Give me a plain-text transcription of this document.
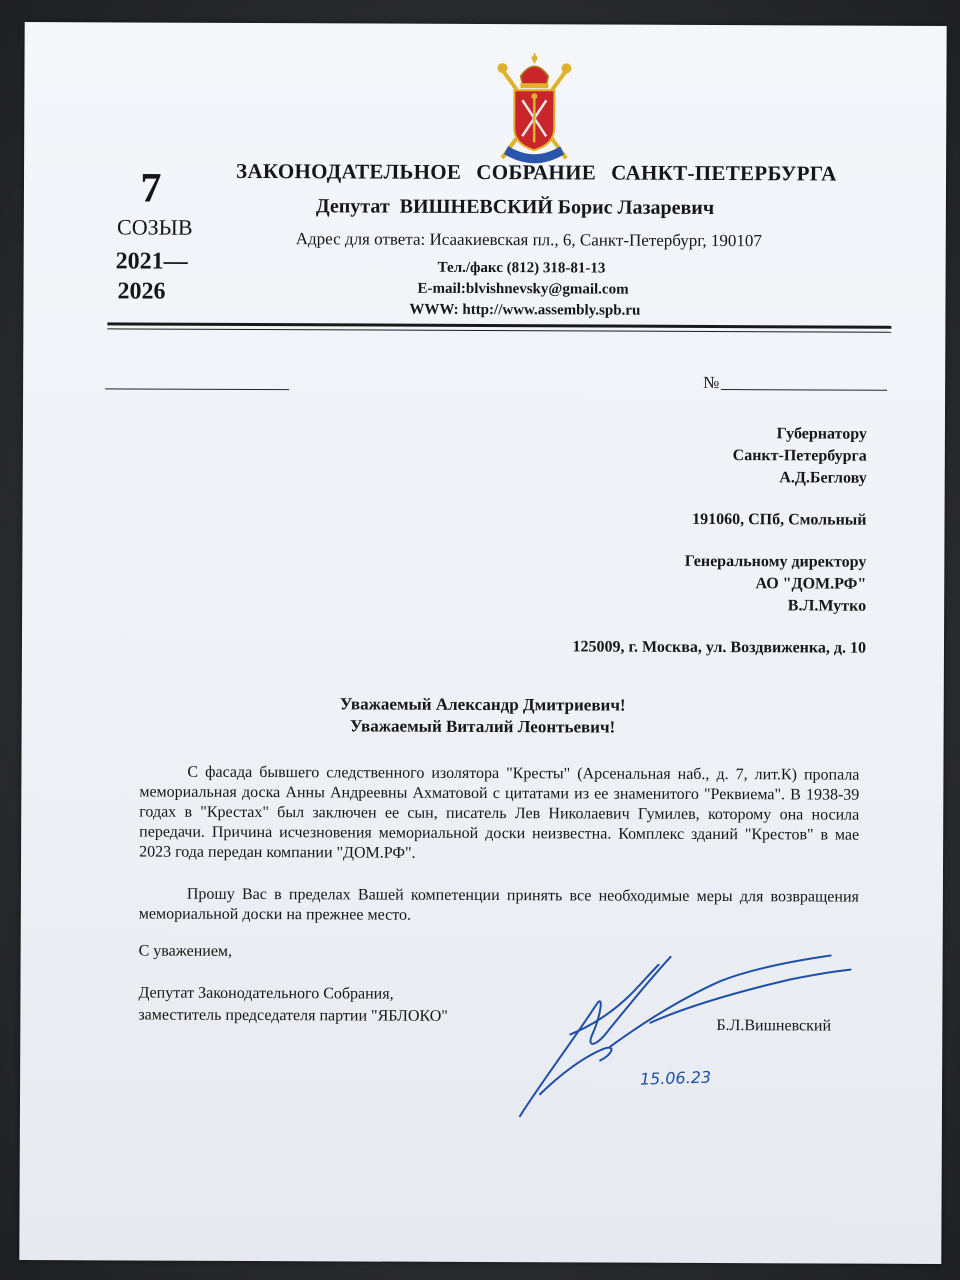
7
СОЗЫВ
2021—
2026
ЗАКОНОДАТЕЛЬНОЕ  СОБРАНИЕ  САНКТ-ПЕТЕРБУРГА
Депутат  ВИШНЕВСКИЙ Борис Лазаревич
Адрес для ответа: Исаакиевская пл., 6, Санкт-Петербург, 190107
Тел./факс (812) 318-81-13
E-mail:blvishnevsky@gmail.com
WWW: http://www.assembly.spb.ru
№
Губернатору
Санкт-Петербурга
А.Д.Беглову
191060, СПб, Смольный
Генеральному директору
АО "ДОМ.РФ"
В.Л.Мутко
125009, г. Москва, ул. Воздвиженка, д. 10
Уважаемый Александр Дмитриевич!
Уважаемый Виталий Леонтьевич!
С фасада бывшего следственного изолятора "Кресты" (Арсенальная наб., д. 7, лит.К) пропала мемориальная доска Анны Андреевны Ахматовой с цитатами из ее знаменитого "Реквиема". В 1938-39 годах в "Крестах" был заключен ее сын, писатель Лев Николаевич Гумилев, которому она носила передачи. Причина исчезновения мемориальной доски неизвестна. Комплекс зданий "Крестов" в мае 2023 года передан компании "ДОМ.РФ".
Прошу Вас в пределах Вашей компетенции принять все необходимые меры для возвращения мемориальной доски на прежнее место.
С уважением,
Депутат Законодательного Собрания,
заместитель председателя партии "ЯБЛОКО"
Б.Л.Вишневский
15.06.23
